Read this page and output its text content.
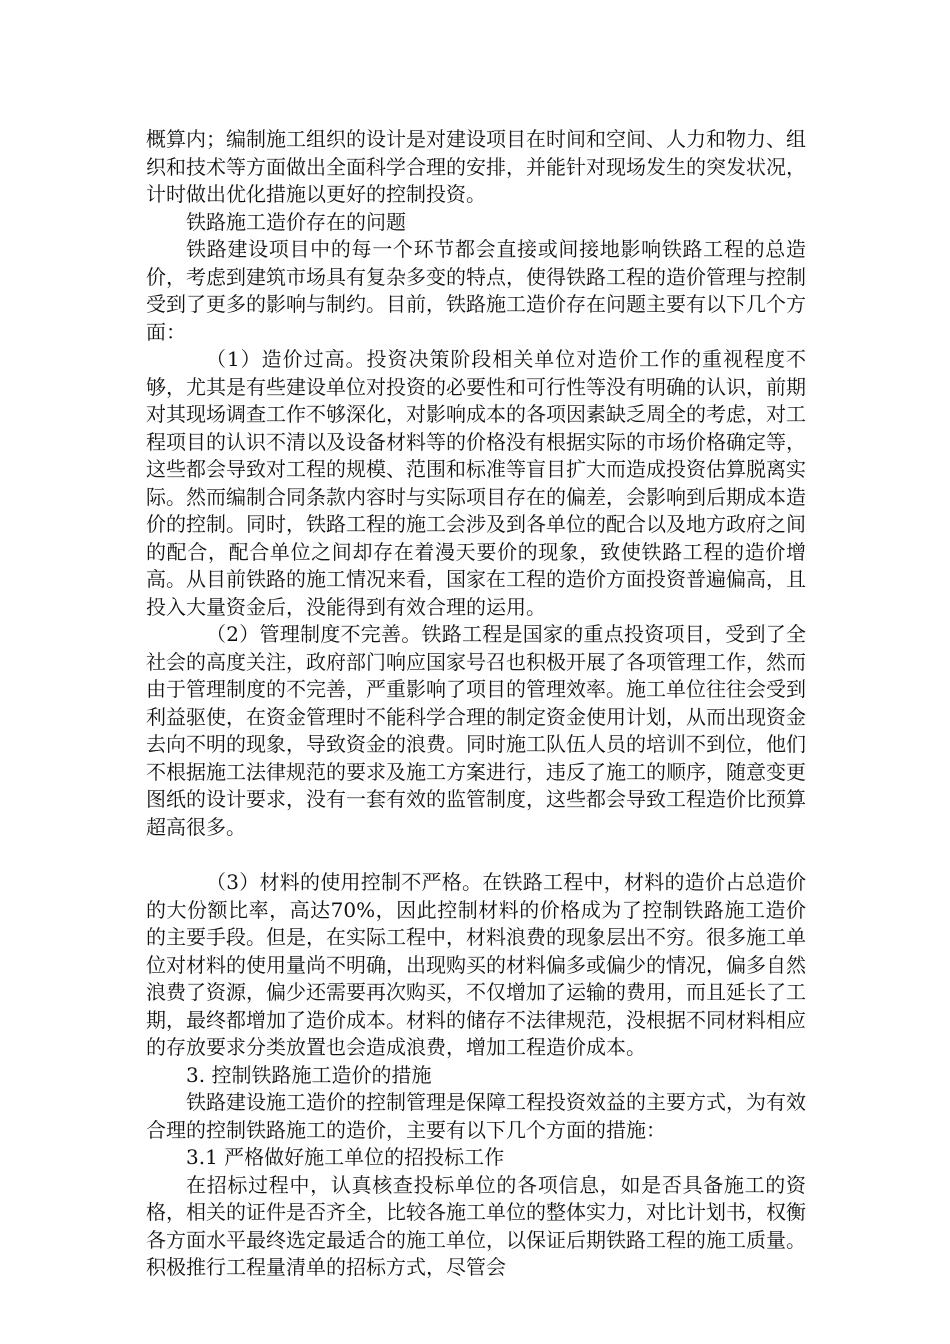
概算内；编制施工组织的设计是对建设项目在时间和空间、人力和物力、组织和技术等方面做出全面科学合理的安排，并能针对现场发生的突发状况，计时做出优化措施以更好的控制投资。

铁路施工造价存在的问题

铁路建设项目中的每一个环节都会直接或间接地影响铁路工程的总造价，考虑到建筑市场具有复杂多变的特点，使得铁路工程的造价管理与控制受到了更多的影响与制约。目前，铁路施工造价存在问题主要有以下几个方面：

（1）造价过高。投资决策阶段相关单位对造价工作的重视程度不够，尤其是有些建设单位对投资的必要性和可行性等没有明确的认识，前期对其现场调查工作不够深化，对影响成本的各项因素缺乏周全的考虑，对工程项目的认识不清以及设备材料等的价格没有根据实际的市场价格确定等，这些都会导致对工程的规模、范围和标准等盲目扩大而造成投资估算脱离实际。然而编制合同条款内容时与实际项目存在的偏差，会影响到后期成本造价的控制。同时，铁路工程的施工会涉及到各单位的配合以及地方政府之间的配合，配合单位之间却存在着漫天要价的现象，致使铁路工程的造价增高。从目前铁路的施工情况来看，国家在工程的造价方面投资普遍偏高，且投入大量资金后，没能得到有效合理的运用。

（2）管理制度不完善。铁路工程是国家的重点投资项目，受到了全社会的高度关注，政府部门响应国家号召也积极开展了各项管理工作，然而由于管理制度的不完善，严重影响了项目的管理效率。施工单位往往会受到利益驱使，在资金管理时不能科学合理的制定资金使用计划，从而出现资金去向不明的现象，导致资金的浪费。同时施工队伍人员的培训不到位，他们不根据施工法律规范的要求及施工方案进行，违反了施工的顺序，随意变更图纸的设计要求，没有一套有效的监管制度，这些都会导致工程造价比预算超高很多。

（3）材料的使用控制不严格。在铁路工程中，材料的造价占总造价的大份额比率，高达70%，因此控制材料的价格成为了控制铁路施工造价的主要手段。但是，在实际工程中，材料浪费的现象层出不穷。很多施工单位对材料的使用量尚不明确，出现购买的材料偏多或偏少的情况，偏多自然浪费了资源，偏少还需要再次购买，不仅增加了运输的费用，而且延长了工期，最终都增加了造价成本。材料的储存不法律规范，没根据不同材料相应的存放要求分类放置也会造成浪费，增加工程造价成本。

3. 控制铁路施工造价的措施

铁路建设施工造价的控制管理是保障工程投资效益的主要方式，为有效合理的控制铁路施工的造价，主要有以下几个方面的措施：

3.1 严格做好施工单位的招投标工作

在招标过程中，认真核查投标单位的各项信息，如是否具备施工的资格，相关的证件是否齐全，比较各施工单位的整体实力，对比计划书，权衡各方面水平最终选定最适合的施工单位，以保证后期铁路工程的施工质量。积极推行工程量清单的招标方式，尽管会
